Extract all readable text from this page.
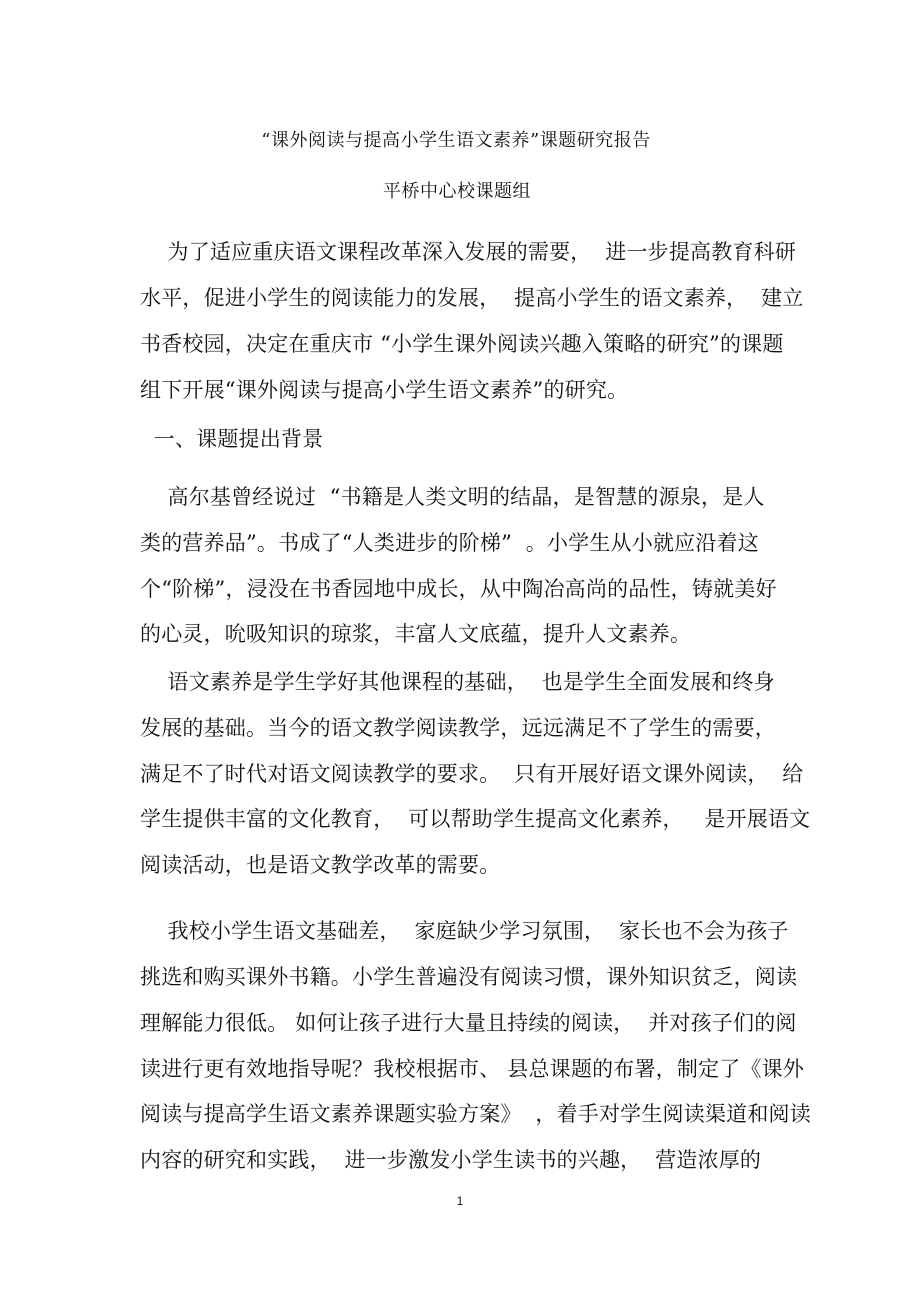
“课外阅读与提高小学生语文素养”课题研究报告
平桥中心校课题组
为了适应重庆语文课程改革深入发展的需要，  进一步提高教育科研
水平，促进小学生的阅读能力的发展，  提高小学生的语文素养，  建立
书香校园，决定在重庆市 “小学生课外阅读兴趣入策略的研究”的课题
组下开展“课外阅读与提高小学生语文素养”的研究。
一、课题提出背景
高尔基曾经说过  “书籍是人类文明的结晶，是智慧的源泉，是人
类的营养品”。书成了“人类进步的阶梯”  。小学生从小就应沿着这
个“阶梯”，浸没在书香园地中成长，从中陶冶高尚的品性，铸就美好
的心灵，吮吸知识的琼浆，丰富人文底蕴，提升人文素养。
语文素养是学生学好其他课程的基础，  也是学生全面发展和终身
发展的基础。当今的语文教学阅读教学，远远满足不了学生的需要，
满足不了时代对语文阅读教学的要求。  只有开展好语文课外阅读，  给
学生提供丰富的文化教育，  可以帮助学生提高文化素养，   是开展语文
阅读活动，也是语文教学改革的需要。
我校小学生语文基础差，  家庭缺少学习氛围，  家长也不会为孩子
挑选和购买课外书籍。小学生普遍没有阅读习惯，课外知识贫乏，阅读
理解能力很低。 如何让孩子进行大量且持续的阅读，  并对孩子们的阅
读进行更有效地指导呢？我校根据市、 县总课题的布署，制定了《课外
阅读与提高学生语文素养课题实验方案》  ，着手对学生阅读渠道和阅读
内容的研究和实践，  进一步激发小学生读书的兴趣，  营造浓厚的
1
